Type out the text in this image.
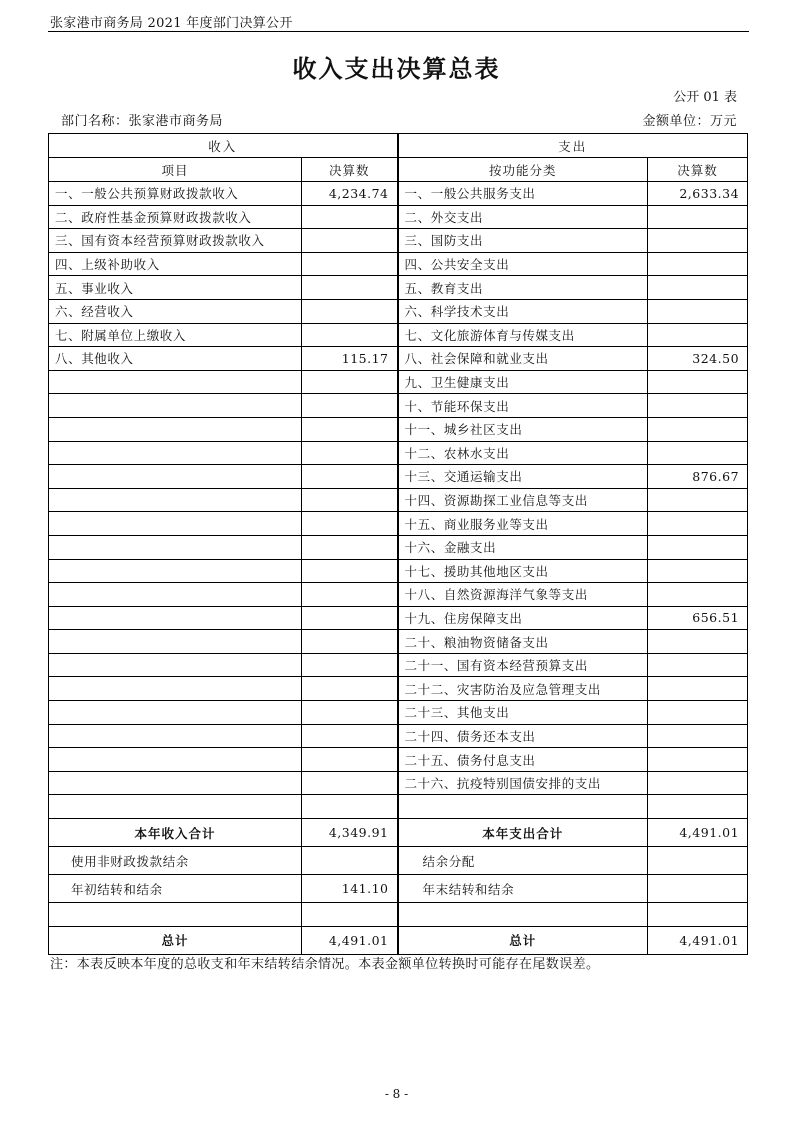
张家港市商务局 2021 年度部门决算公开
收入支出决算总表
公开 01 表
部门名称：张家港市商务局	金额单位：万元
收入		支出	
项目	决算数	按功能分类	决算数
一、一般公共预算财政拨款收入	4,234.74	一、一般公共服务支出	2,633.34
二、政府性基金预算财政拨款收入		二、外交支出	
三、国有资本经营预算财政拨款收入		三、国防支出	
四、上级补助收入		四、公共安全支出	
五、事业收入		五、教育支出	
六、经营收入		六、科学技术支出	
七、附属单位上缴收入		七、文化旅游体育与传媒支出	
八、其他收入	115.17	八、社会保障和就业支出	324.50
		九、卫生健康支出	
		十、节能环保支出	
		十一、城乡社区支出	
		十二、农林水支出	
		十三、交通运输支出	876.67
		十四、资源勘探工业信息等支出	
		十五、商业服务业等支出	
		十六、金融支出	
		十七、援助其他地区支出	
		十八、自然资源海洋气象等支出	
		十九、住房保障支出	656.51
		二十、粮油物资储备支出	
		二十一、国有资本经营预算支出	
		二十二、灾害防治及应急管理支出	
		二十三、其他支出	
		二十四、债务还本支出	
		二十五、债务付息支出	
		二十六、抗疫特别国债安排的支出	

本年收入合计	4,349.91	本年支出合计	4,491.01
使用非财政拨款结余		结余分配	
年初结转和结余	141.10	年末结转和结余	

总计	4,491.01	总计	4,491.01
注：本表反映本年度的总收支和年末结转结余情况。本表金额单位转换时可能存在尾数误差。
- 8 -
